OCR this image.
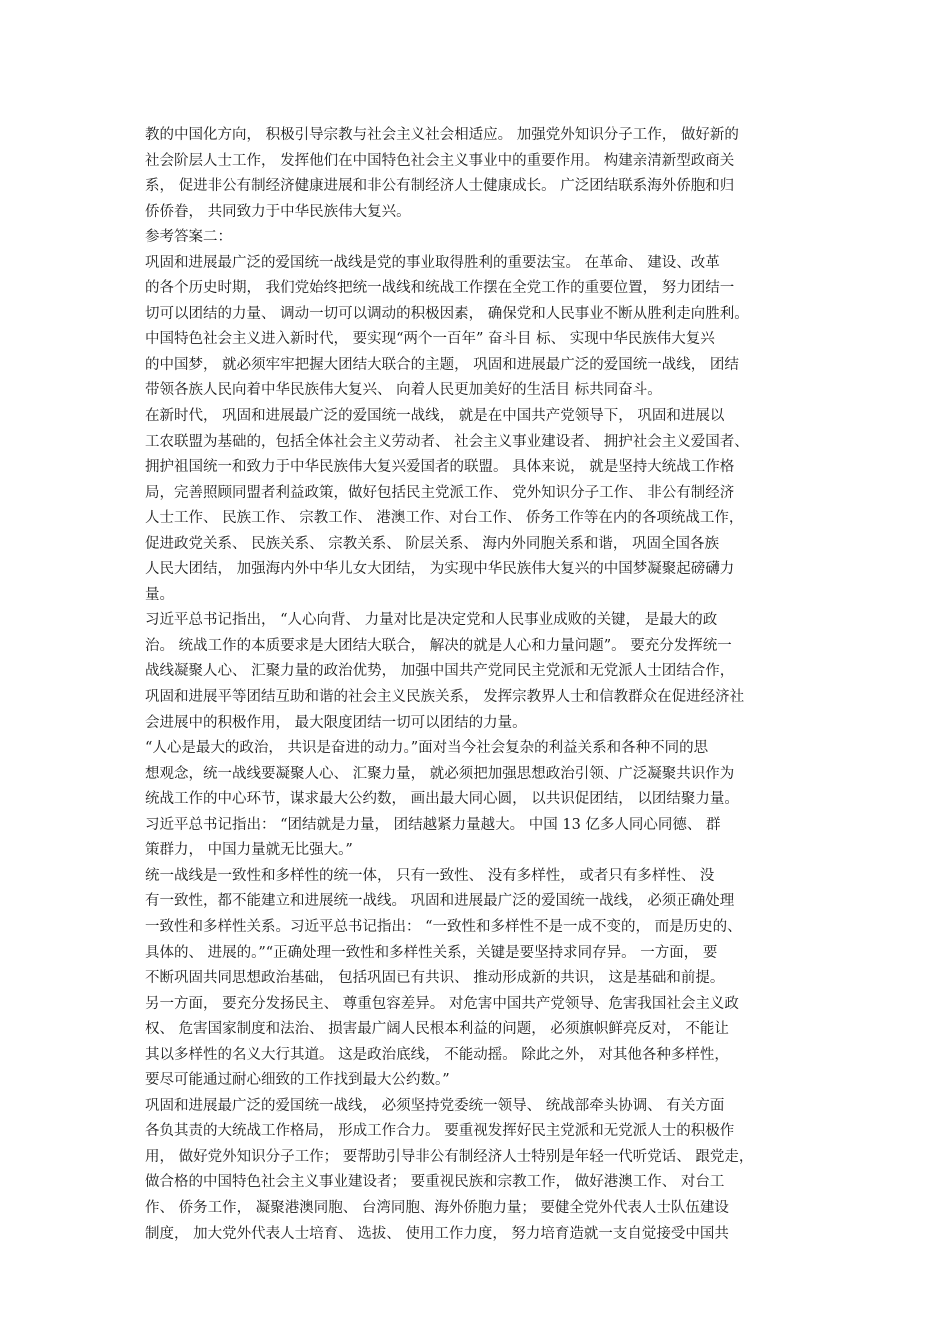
教的中国化方向， 积极引导宗教与社会主义社会相适应。 加强党外知识分子工作， 做好新的
社会阶层人士工作， 发挥他们在中国特色社会主义事业中的重要作用。 构建亲清新型政商关
系， 促进非公有制经济健康进展和非公有制经济人士健康成长。 广泛团结联系海外侨胞和归
侨侨眷， 共同致力于中华民族伟大复兴。
参考答案二：
巩固和进展最广泛的爱国统一战线是党的事业取得胜利的重要法宝。 在革命、 建设、改革
的各个历史时期， 我们党始终把统一战线和统战工作摆在全党工作的重要位置， 努力团结一
切可以团结的力量、 调动一切可以调动的积极因素， 确保党和人民事业不断从胜利走向胜利。
中国特色社会主义进入新时代， 要实现“两个一百年” 奋斗目 标、 实现中华民族伟大复兴
的中国梦， 就必须牢牢把握大团结大联合的主题， 巩固和进展最广泛的爱国统一战线， 团结
带领各族人民向着中华民族伟大复兴、 向着人民更加美好的生活目 标共同奋斗。
在新时代， 巩固和进展最广泛的爱国统一战线， 就是在中国共产党领导下， 巩固和进展以
工农联盟为基础的，包括全体社会主义劳动者、 社会主义事业建设者、 拥护社会主义爱国者、
拥护祖国统一和致力于中华民族伟大复兴爱国者的联盟。 具体来说， 就是坚持大统战工作格
局，完善照顾同盟者利益政策，做好包括民主党派工作、 党外知识分子工作、 非公有制经济
人士工作、 民族工作、 宗教工作、 港澳工作、对台工作、 侨务工作等在内的各项统战工作，
促进政党关系、 民族关系、 宗教关系、 阶层关系、 海内外同胞关系和谐， 巩固全国各族
人民大团结， 加强海内外中华儿女大团结， 为实现中华民族伟大复兴的中国梦凝聚起磅礴力
量。
习近平总书记指出， “人心向背、 力量对比是决定党和人民事业成败的关键， 是最大的政
治。 统战工作的本质要求是大团结大联合， 解决的就是人心和力量问题”。 要充分发挥统一
战线凝聚人心、 汇聚力量的政治优势， 加强中国共产党同民主党派和无党派人士团结合作，
巩固和进展平等团结互助和谐的社会主义民族关系， 发挥宗教界人士和信教群众在促进经济社
会进展中的积极作用， 最大限度团结一切可以团结的力量。
“人心是最大的政治， 共识是奋进的动力。”面对当今社会复杂的利益关系和各种不同的思
想观念，统一战线要凝聚人心、 汇聚力量， 就必须把加强思想政治引领、广泛凝聚共识作为
统战工作的中心环节，谋求最大公约数， 画出最大同心圆， 以共识促团结， 以团结聚力量。
习近平总书记指出： “团结就是力量， 团结越紧力量越大。 中国 13 亿多人同心同德、 群
策群力， 中国力量就无比强大。”
统一战线是一致性和多样性的统一体， 只有一致性、 没有多样性， 或者只有多样性、 没
有一致性，都不能建立和进展统一战线。 巩固和进展最广泛的爱国统一战线， 必须正确处理
一致性和多样性关系。习近平总书记指出： “一致性和多样性不是一成不变的， 而是历史的、
具体的、 进展的。”“正确处理一致性和多样性关系，关键是要坚持求同存异。 一方面， 要
不断巩固共同思想政治基础， 包括巩固已有共识、 推动形成新的共识， 这是基础和前提。
另一方面， 要充分发扬民主、 尊重包容差异。 对危害中国共产党领导、危害我国社会主义政
权、 危害国家制度和法治、 损害最广阔人民根本利益的问题， 必须旗帜鲜亮反对， 不能让
其以多样性的名义大行其道。 这是政治底线， 不能动摇。 除此之外， 对其他各种多样性，
要尽可能通过耐心细致的工作找到最大公约数。”
巩固和进展最广泛的爱国统一战线， 必须坚持党委统一领导、 统战部牵头协调、 有关方面
各负其责的大统战工作格局， 形成工作合力。 要重视发挥好民主党派和无党派人士的积极作
用， 做好党外知识分子工作； 要帮助引导非公有制经济人士特别是年轻一代听党话、 跟党走，
做合格的中国特色社会主义事业建设者； 要重视民族和宗教工作， 做好港澳工作、 对台工
作、 侨务工作， 凝聚港澳同胞、 台湾同胞、海外侨胞力量； 要健全党外代表人士队伍建设
制度， 加大党外代表人士培育、 选拔、 使用工作力度， 努力培育造就一支自觉接受中国共
